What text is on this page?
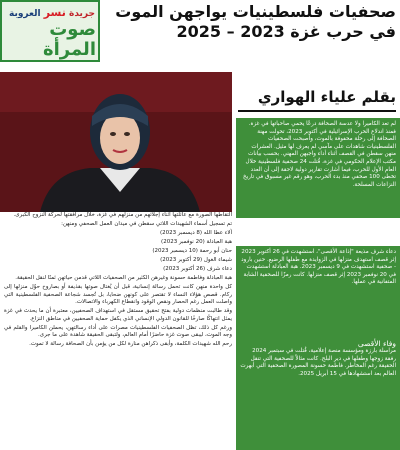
جريدة نسر العروبة
صوت
المرأة
صحفيات فلسطينيات يواجهن الموت في حرب غزة 2023 – 2025
بقلم علياء الهواري
لم تعد الكاميرا ولا عدسة الصحافة درعًا يحمي صاحباتها في غزة. فمنذ اندلاع الحرب الإسرائيلية في أكتوبر 2023، تحولت مهنة الصحافة إلى رحلة محفوفة بالموت، وأصبحت الصحفيات الفلسطينيات شاهدات على مآسي لم يعرف لها مثيل. العشرات منهن سقطن في القصف أثناء أداء واجبهن المهني. بحسب بيانات مكتب الإعلام الحكومي في غزة، قُتلت 24 صحفية فلسطينية خلال العام الأول للحرب، فيما أشارت تقارير دولية لاحقة إلى أن العدد تخطى 100 صحفي منذ بدء الحرب، وهو رقم غير مسبوق في تاريخ النزاعات المسلحة.
دعاء شرف مذيعة "إذاعة الأقصى"، استشهدت في 26 أكتوبر 2023 إثر قصف استهدف منزلها في الزوايدة مع طفلها الرضيع. حنين بارود - صحفية استشهدت في 9 ديسمبر 2023. هبة العبادلة استشهدت في 20 نوفمبر 2023 إثر قصف منزلها. كانت رمزًا للصحفية الشابة المتفانية في عملها.
وفاء الأقصى
مراسلة بارزة ومؤسسة منصة إعلامية، قُتلت في سبتمبر 2024 رفقة زوجها وطفلها في دير البلح. كانت مثالاً للصحفية التي تنقل الحقيقة رغم المخاطر. فاطمة حسونة المصورة الصحفية التي أبهرت العالم بعد استشهادها في 15 أبريل 2025.

التقاطها الصورة مع عائلتها أثناء إجلائهم من منزلهم في غزة، خلال مرافقتها لحركة النزوح الكبرى.

تم تسجيل أسماء الشهيدات اللاتي سقطن في ميدان العمل الصحفي ومنهن:

آلاء عطا الله (8 ديسمبر 2023)

هبة العبادلة (20 نوفمبر 2023)

حنان أبو رحمة (10 ديسمبر 2023)

شيماء الغول (29 أكتوبر 2023)

دعاء شرف (26 أكتوبر 2023)

هبة العبادلة وفاطمة حسونة وغيرهن الكثير من الصحفيات اللاتي قدمن حياتهن ثمنًا لنقل الحقيقة.

كل واحدة منهن كانت تحمل رسالة إنسانية، قبل أن يُغتال صوتها بقذيفة أو بصاروخ حوّل منزلها إلى ركام. قصص هؤلاء النساء لا تقتصر على كونهن ضحايا، بل تُجسد شجاعة الصحفية الفلسطينية التي واصلت العمل رغم الحصار ونقص الوقود وانقطاع الكهرباء والاتصالات.

وقد طالبت منظمات دولية بفتح تحقيق مستقل في استهداف الصحفيين، معتبرة أن ما يحدث في غزة يمثل انتهاكًا صارخًا للقانون الدولي الإنساني الذي يكفل حماية الصحفيين في مناطق النزاع.

ورغم كل ذلك، تظل الصحفيات الفلسطينيات مصرات على أداء رسالتهن، يحملن الكاميرا والقلم في وجه الموت، ليبقى صوت غزة حاضرًا أمام العالم، ولتبقى الحقيقة شاهدة على ما جرى.

رحم الله شهيدات الكلمة، وأبقى ذكراهن منارة لكل من يؤمن بأن الصحافة رسالة لا تموت.
